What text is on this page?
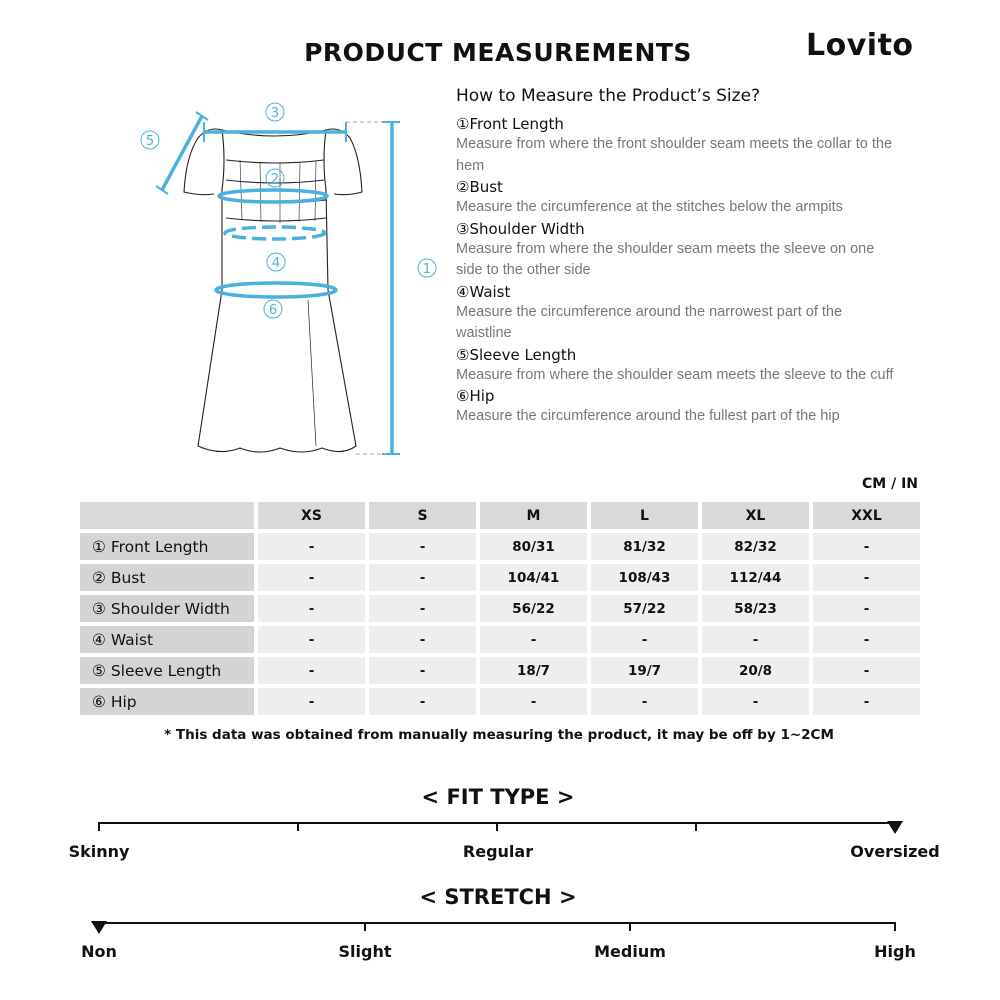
PRODUCT MEASUREMENTS	Lovito
3
5
2
4
6
1
How to Measure the Product’s Size?
①Front Length
Measure from where the front shoulder seam meets the collar to the hem
②Bust
Measure the circumference at the stitches below the armpits
③Shoulder Width
Measure from where the shoulder seam meets the sleeve on one side to the other side
④Waist
Measure the circumference around the narrowest part of the waistline
⑤Sleeve Length
Measure from where the shoulder seam meets the sleeve to the cuff
⑥Hip
Measure the circumference around the fullest part of the hip
CM / IN
	XS	S	M	L	XL	XXL
① Front Length	-	-	80/31	81/32	82/32	-
② Bust	-	-	104/41	108/43	112/44	-
③ Shoulder Width	-	-	56/22	57/22	58/23	-
④ Waist	-	-	-	-	-	-
⑤ Sleeve Length	-	-	18/7	19/7	20/8	-
⑥ Hip	-	-	-	-	-	-
* This data was obtained from manually measuring the product, it may be off by 1~2CM
< FIT TYPE >
Skinny	Regular	Oversized
< STRETCH >
Non	Slight	Medium	High
